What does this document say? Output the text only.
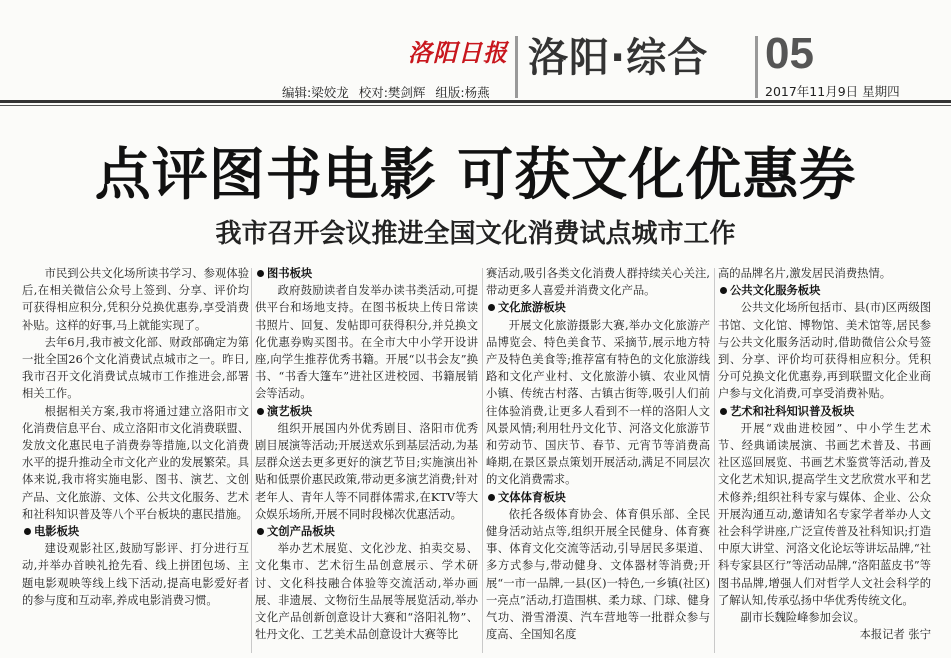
洛阳日报 洛阳·综合 05
2017年11月9日 星期四
编辑:梁姣龙 校对:樊剑辉 组版:杨燕
点评图书电影 可获文化优惠券
我市召开会议推进全国文化消费试点城市工作

市民到公共文化场所读书学习、参观体验后,在相关微信公众号上签到、分享、评价均可获得相应积分,凭积分兑换优惠券,享受消费补贴。这样的好事,马上就能实现了。

去年6月,我市被文化部、财政部确定为第一批全国26个文化消费试点城市之一。昨日,我市召开文化消费试点城市工作推进会,部署相关工作。

根据相关方案,我市将通过建立洛阳市文化消费信息平台、成立洛阳市文化消费联盟、发放文化惠民电子消费券等措施,以文化消费水平的提升推动全市文化产业的发展繁荣。具体来说,我市将实施电影、图书、演艺、文创产品、文化旅游、文体、公共文化服务、艺术和社科知识普及等八个平台板块的惠民措施。

电影板块

建设观影社区,鼓励写影评、打分进行互动,并举办首映礼抢先看、线上拼团包场、主题电影观映等线上线下活动,提高电影爱好者的参与度和互动率,养成电影消费习惯。

图书板块

政府鼓励读者自发举办读书类活动,可提供平台和场地支持。在图书板块上传日常读书照片、回复、发帖即可获得积分,并兑换文化优惠券购买图书。在全市大中小学开设讲座,向学生推荐优秀书籍。开展“以书会友”换书、“书香大篷车”进社区进校园、书籍展销会等活动。

演艺板块

组织开展国内外优秀剧目、洛阳市优秀剧目展演等活动;开展送欢乐到基层活动,为基层群众送去更多更好的演艺节目;实施演出补贴和低票价惠民政策,带动更多演艺消费;针对老年人、青年人等不同群体需求,在KTV等大众娱乐场所,开展不同时段梯次优惠活动。

文创产品板块

举办艺术展览、文化沙龙、拍卖交易、文化集市、艺术衍生品创意展示、学术研讨、文化科技融合体验等交流活动,举办画展、非遗展、文物衍生品展等展览活动,举办文化产品创新创意设计大赛和“洛阳礼物”、牡丹文化、工艺美术品创意设计大赛等比

赛活动,吸引各类文化消费人群持续关心关注,带动更多人喜爱并消费文化产品。

文化旅游板块

开展文化旅游摄影大赛,举办文化旅游产品博览会、特色美食节、采摘节,展示地方特产及特色美食等;推荐富有特色的文化旅游线路和文化产业村、文化旅游小镇、农业风情小镇、传统古村落、古镇古街等,吸引人们前往体验消费,让更多人看到不一样的洛阳人文风景风情;利用牡丹文化节、河洛文化旅游节和劳动节、国庆节、春节、元宵节等消费高峰期,在景区景点策划开展活动,满足不同层次的文化消费需求。

文体体育板块

依托各级体育协会、体育俱乐部、全民健身活动站点等,组织开展全民健身、体育赛事、体育文化交流等活动,引导居民多渠道、多方式参与,带动健身、文体器材等消费;开展“一市一品牌,一县(区)一特色,一乡镇(社区)一亮点”活动,打造围棋、柔力球、门球、健身气功、滑雪滑漠、汽车营地等一批群众参与度高、全国知名度

高的品牌名片,激发居民消费热情。

公共文化服务板块

公共文化场所包括市、县(市)区两级图书馆、文化馆、博物馆、美术馆等,居民参与公共文化服务活动时,借助微信公众号签到、分享、评价均可获得相应积分。凭积分可兑换文化优惠券,再到联盟文化企业商户参与文化消费,可享受消费补贴。

艺术和社科知识普及板块

开展“戏曲进校园”、中小学生艺术节、经典诵读展演、书画艺术普及、书画社区巡回展览、书画艺术鉴赏等活动,普及文化艺术知识,提高学生文艺欣赏水平和艺术修养;组织社科专家与媒体、企业、公众开展沟通互动,邀请知名专家学者举办人文社会科学讲座,广泛宣传普及社科知识;打造中原大讲堂、河洛文化论坛等讲坛品牌,“社科专家县区行”等活动品牌,“洛阳蓝皮书”等图书品牌,增强人们对哲学人文社会科学的了解认知,传承弘扬中华优秀传统文化。

副市长魏险峰参加会议。

本报记者 张宁
